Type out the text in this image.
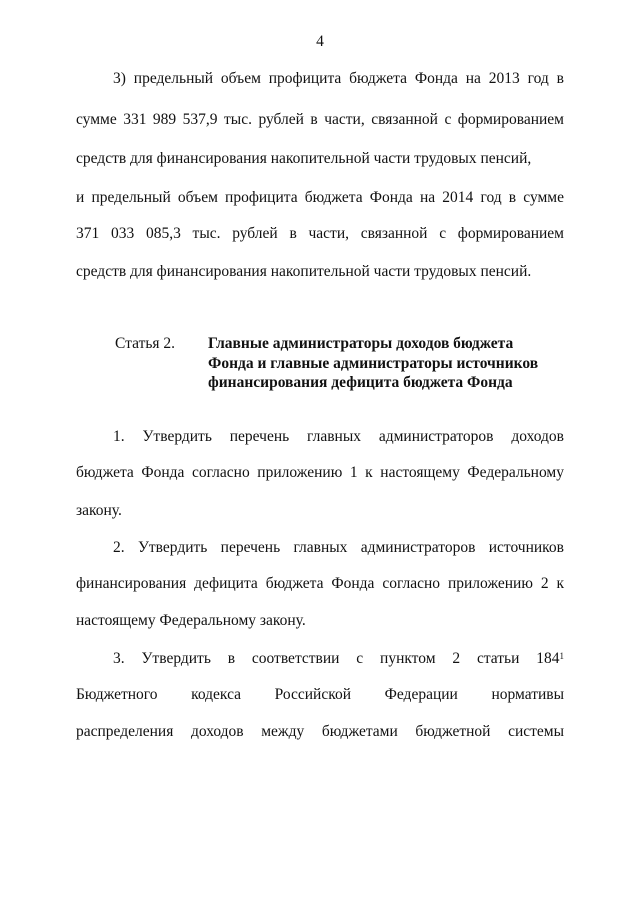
4
3) предельный объем профицита бюджета Фонда на 2013 год в
сумме 331 989 537,9 тыс. рублей в части, связанной с формированием
средств для финансирования накопительной части трудовых пенсий,
и предельный объем профицита бюджета Фонда на 2014 год в сумме
371 033 085,3 тыс. рублей в части, связанной с формированием
средств для финансирования накопительной части трудовых пенсий.
Статья 2. Главные администраторы доходов бюджета
Фонда и главные администраторы источников
финансирования дефицита бюджета Фонда
1. Утвердить перечень главных администраторов доходов
бюджета Фонда согласно приложению 1 к настоящему Федеральному
закону.
2. Утвердить перечень главных администраторов источников
финансирования дефицита бюджета Фонда согласно приложению 2 к
настоящему Федеральному закону.
3. Утвердить в соответствии с пунктом 2 статьи $184^1$
Бюджетного кодекса Российской Федерации нормативы
распределения доходов между бюджетами бюджетной системы
